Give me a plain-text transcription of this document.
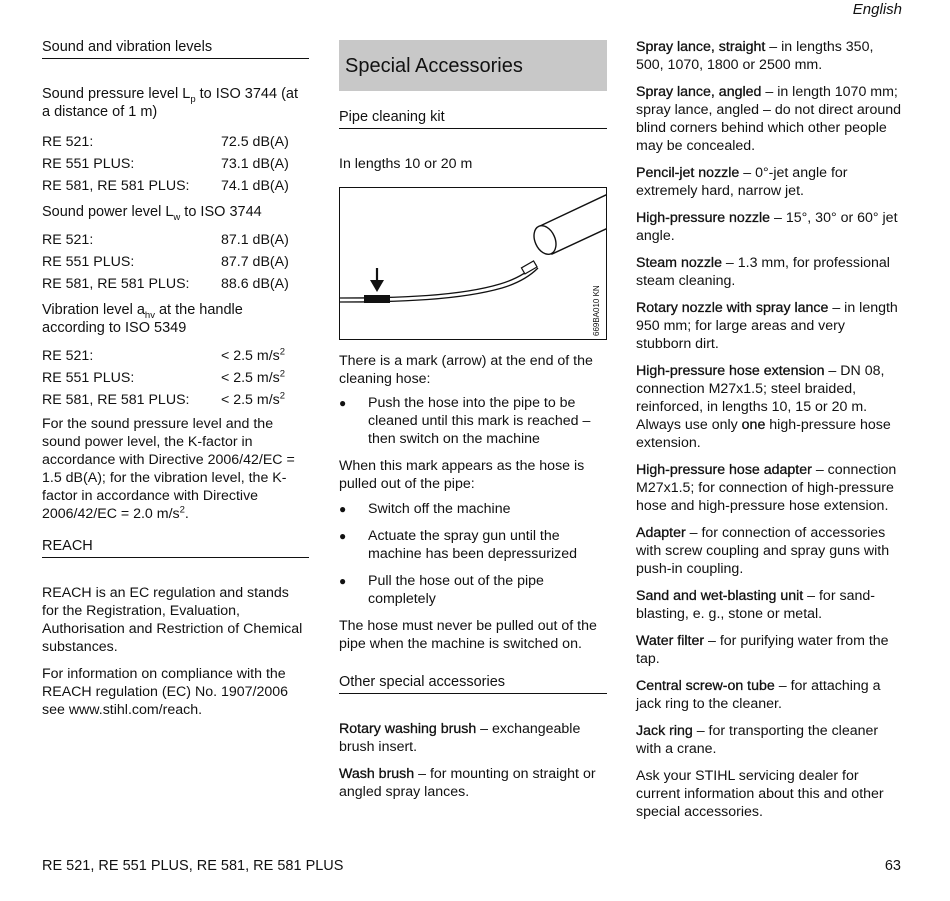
English
Sound and vibration levels
Sound pressure level $L_p$ to ISO 3744 (at a distance of 1 m)
RE 521:	72.5 dB(A)
RE 551 PLUS:	73.1 dB(A)
RE 581, RE 581 PLUS:	74.1 dB(A)
Sound power level $L_w$ to ISO 3744
RE 521:	87.1 dB(A)
RE 551 PLUS:	87.7 dB(A)
RE 581, RE 581 PLUS:	88.6 dB(A)
Vibration level $a_{hv}$ at the handle according to ISO 5349
RE 521:	< 2.5 $m/s^2$
RE 551 PLUS:	< 2.5 $m/s^2$
RE 581, RE 581 PLUS:	< 2.5 $m/s^2$

For the sound pressure level and the sound power level, the K-factor in accordance with Directive 2006/42/EC = 1.5 dB(A); for the vibration level, the K-factor in accordance with Directive 2006/42/EC = 2.0 $m/s^2$.

REACH

REACH is an EC regulation and stands for the Registration, Evaluation, Authorisation and Restriction of Chemical substances.

For information on compliance with the REACH regulation (EC) No. 1907/2006 see www.stihl.com/reach.

Special Accessories
Pipe cleaning kit

In lengths 10 or 20 m

669BA010 KN

There is a mark (arrow) at the end of the cleaning hose:

● Push the hose into the pipe to be cleaned until this mark is reached – then switch on the machine

When this mark appears as the hose is pulled out of the pipe:

● Switch off the machine
● Actuate the spray gun until the machine has been depressurized
● Pull the hose out of the pipe completely

The hose must never be pulled out of the pipe when the machine is switched on.

Other special accessories

Rotary washing brush – exchangeable brush insert.

Wash brush – for mounting on straight or angled spray lances.

Spray lance, straight – in lengths 350, 500, 1070, 1800 or 2500 mm.

Spray lance, angled – in length 1070 mm; spray lance, angled – do not direct around blind corners behind which other people may be concealed.

Pencil-jet nozzle – 0°-jet angle for extremely hard, narrow jet.

High-pressure nozzle – 15°, 30° or 60° jet angle.

Steam nozzle – 1.3 mm, for professional steam cleaning.

Rotary nozzle with spray lance – in length 950 mm; for large areas and very stubborn dirt.

High-pressure hose extension – DN 08, connection M27x1.5; steel braided, reinforced, in lengths 10, 15 or 20 m. Always use only one high-pressure hose extension.

High-pressure hose adapter – connection M27x1.5; for connection of high-pressure hose and high-pressure hose extension.

Adapter – for connection of accessories with screw coupling and spray guns with push-in coupling.

Sand and wet-blasting unit – for sand-blasting, e. g., stone or metal.

Water filter – for purifying water from the tap.

Central screw-on tube – for attaching a jack ring to the cleaner.

Jack ring – for transporting the cleaner with a crane.

Ask your STIHL servicing dealer for current information about this and other special accessories.

RE 521, RE 551 PLUS, RE 581, RE 581 PLUS	63
